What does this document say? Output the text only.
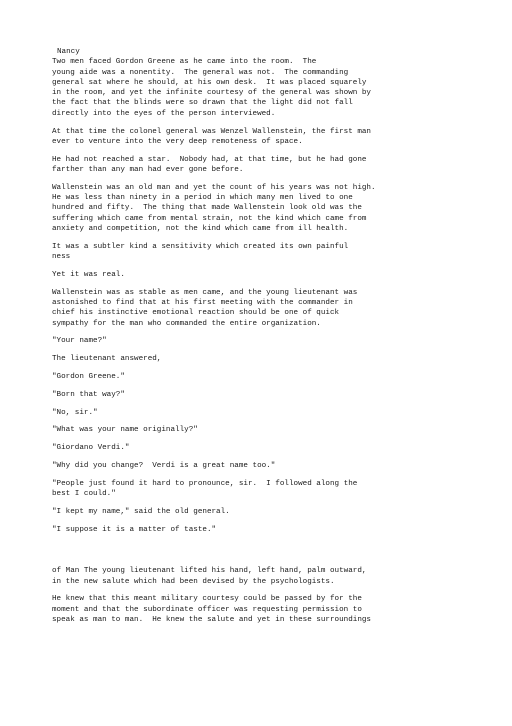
Nancy
Two men faced Gordon Greene as he came into the room.  The
young aide was a nonentity.  The general was not.  The commanding
general sat where he should, at his own desk.  It was placed squarely
in the room, and yet the infinite courtesy of the general was shown by
the fact that the blinds were so drawn that the light did not fall
directly into the eyes of the person interviewed.
At that time the colonel general was Wenzel Wallenstein, the first man
ever to venture into the very deep remoteness of space.
He had not reached a star.  Nobody had, at that time, but he had gone
farther than any man had ever gone before.
Wallenstein was an old man and yet the count of his years was not high.
He was less than ninety in a period in which many men lived to one
hundred and fifty.  The thing that made Wallenstein look old was the
suffering which came from mental strain, not the kind which came from
anxiety and competition, not the kind which came from ill health.
It was a subtler kind a sensitivity which created its own painful
ness
Yet it was real.
Wallenstein was as stable as men came, and the young lieutenant was
astonished to find that at his first meeting with the commander in
chief his instinctive emotional reaction should be one of quick
sympathy for the man who commanded the entire organization.
"Your name?"
The lieutenant answered,
"Gordon Greene."
"Born that way?"
"No, sir."
"What was your name originally?"
"Giordano Verdi."
"Why did you change?  Verdi is a great name too."
"People just found it hard to pronounce, sir.  I followed along the
best I could."
"I kept my name," said the old general.
"I suppose it is a matter of taste."
of Man The young lieutenant lifted his hand, left hand, palm outward,
in the new salute which had been devised by the psychologists.
He knew that this meant military courtesy could be passed by for the
moment and that the subordinate officer was requesting permission to
speak as man to man.  He knew the salute and yet in these surroundings
